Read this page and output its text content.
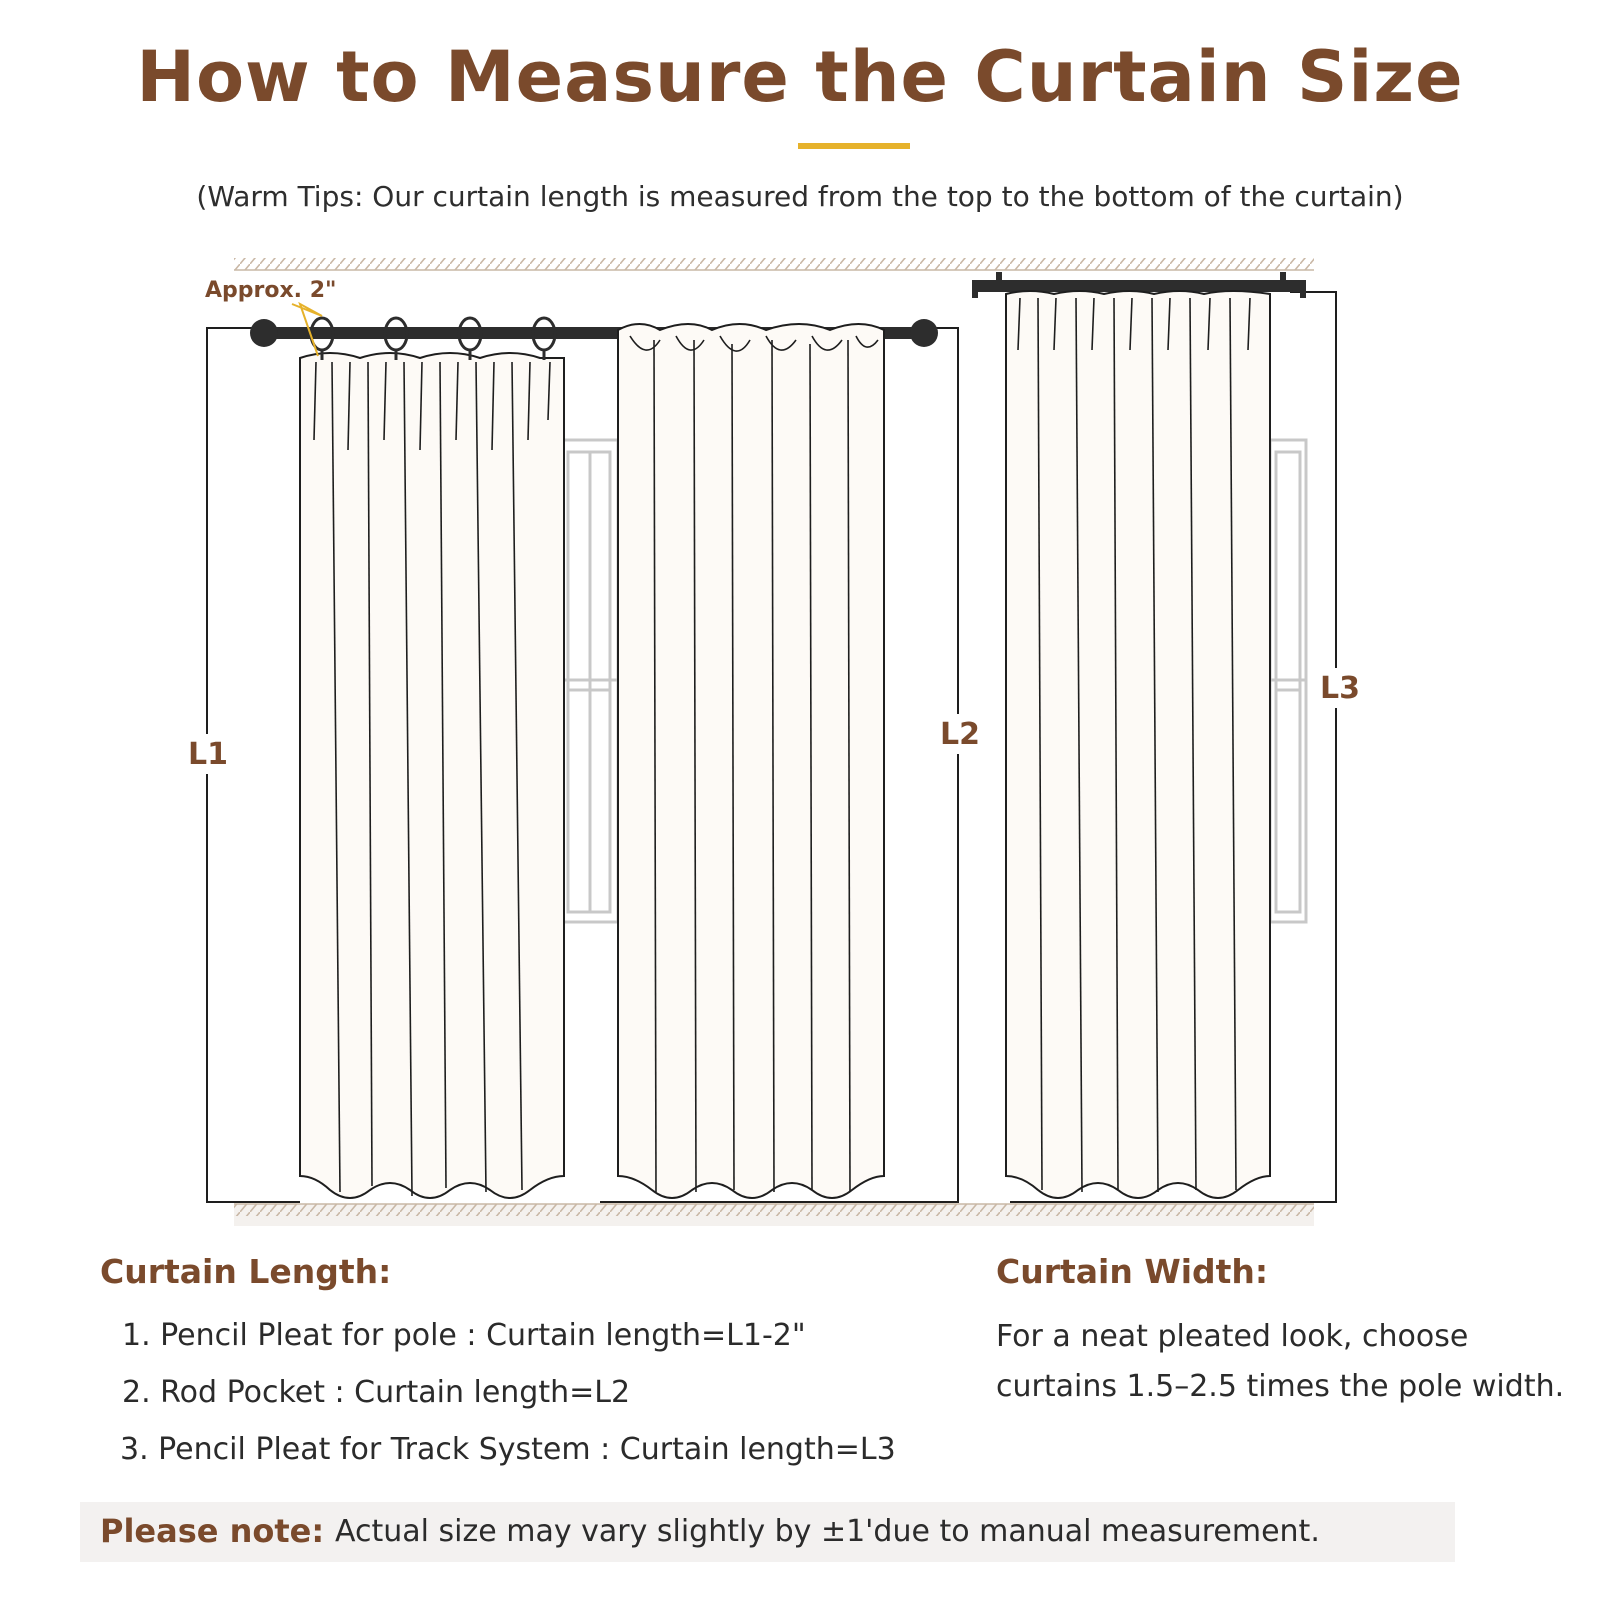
How to Measure the Curtain Size
(Warm Tips: Our curtain length is measured from the top to the bottom of the curtain)
Approx. 2"
L1
L2
L3
Curtain Length:
1. Pencil Pleat for pole : Curtain length=L1-2"
2. Rod Pocket : Curtain length=L2
3. Pencil Pleat for Track System : Curtain length=L3
Curtain Width:
For a neat pleated look, choose curtains 1.5–2.5 times the pole width.
Please note: Actual size may vary slightly by ±1'due to manual measurement.
